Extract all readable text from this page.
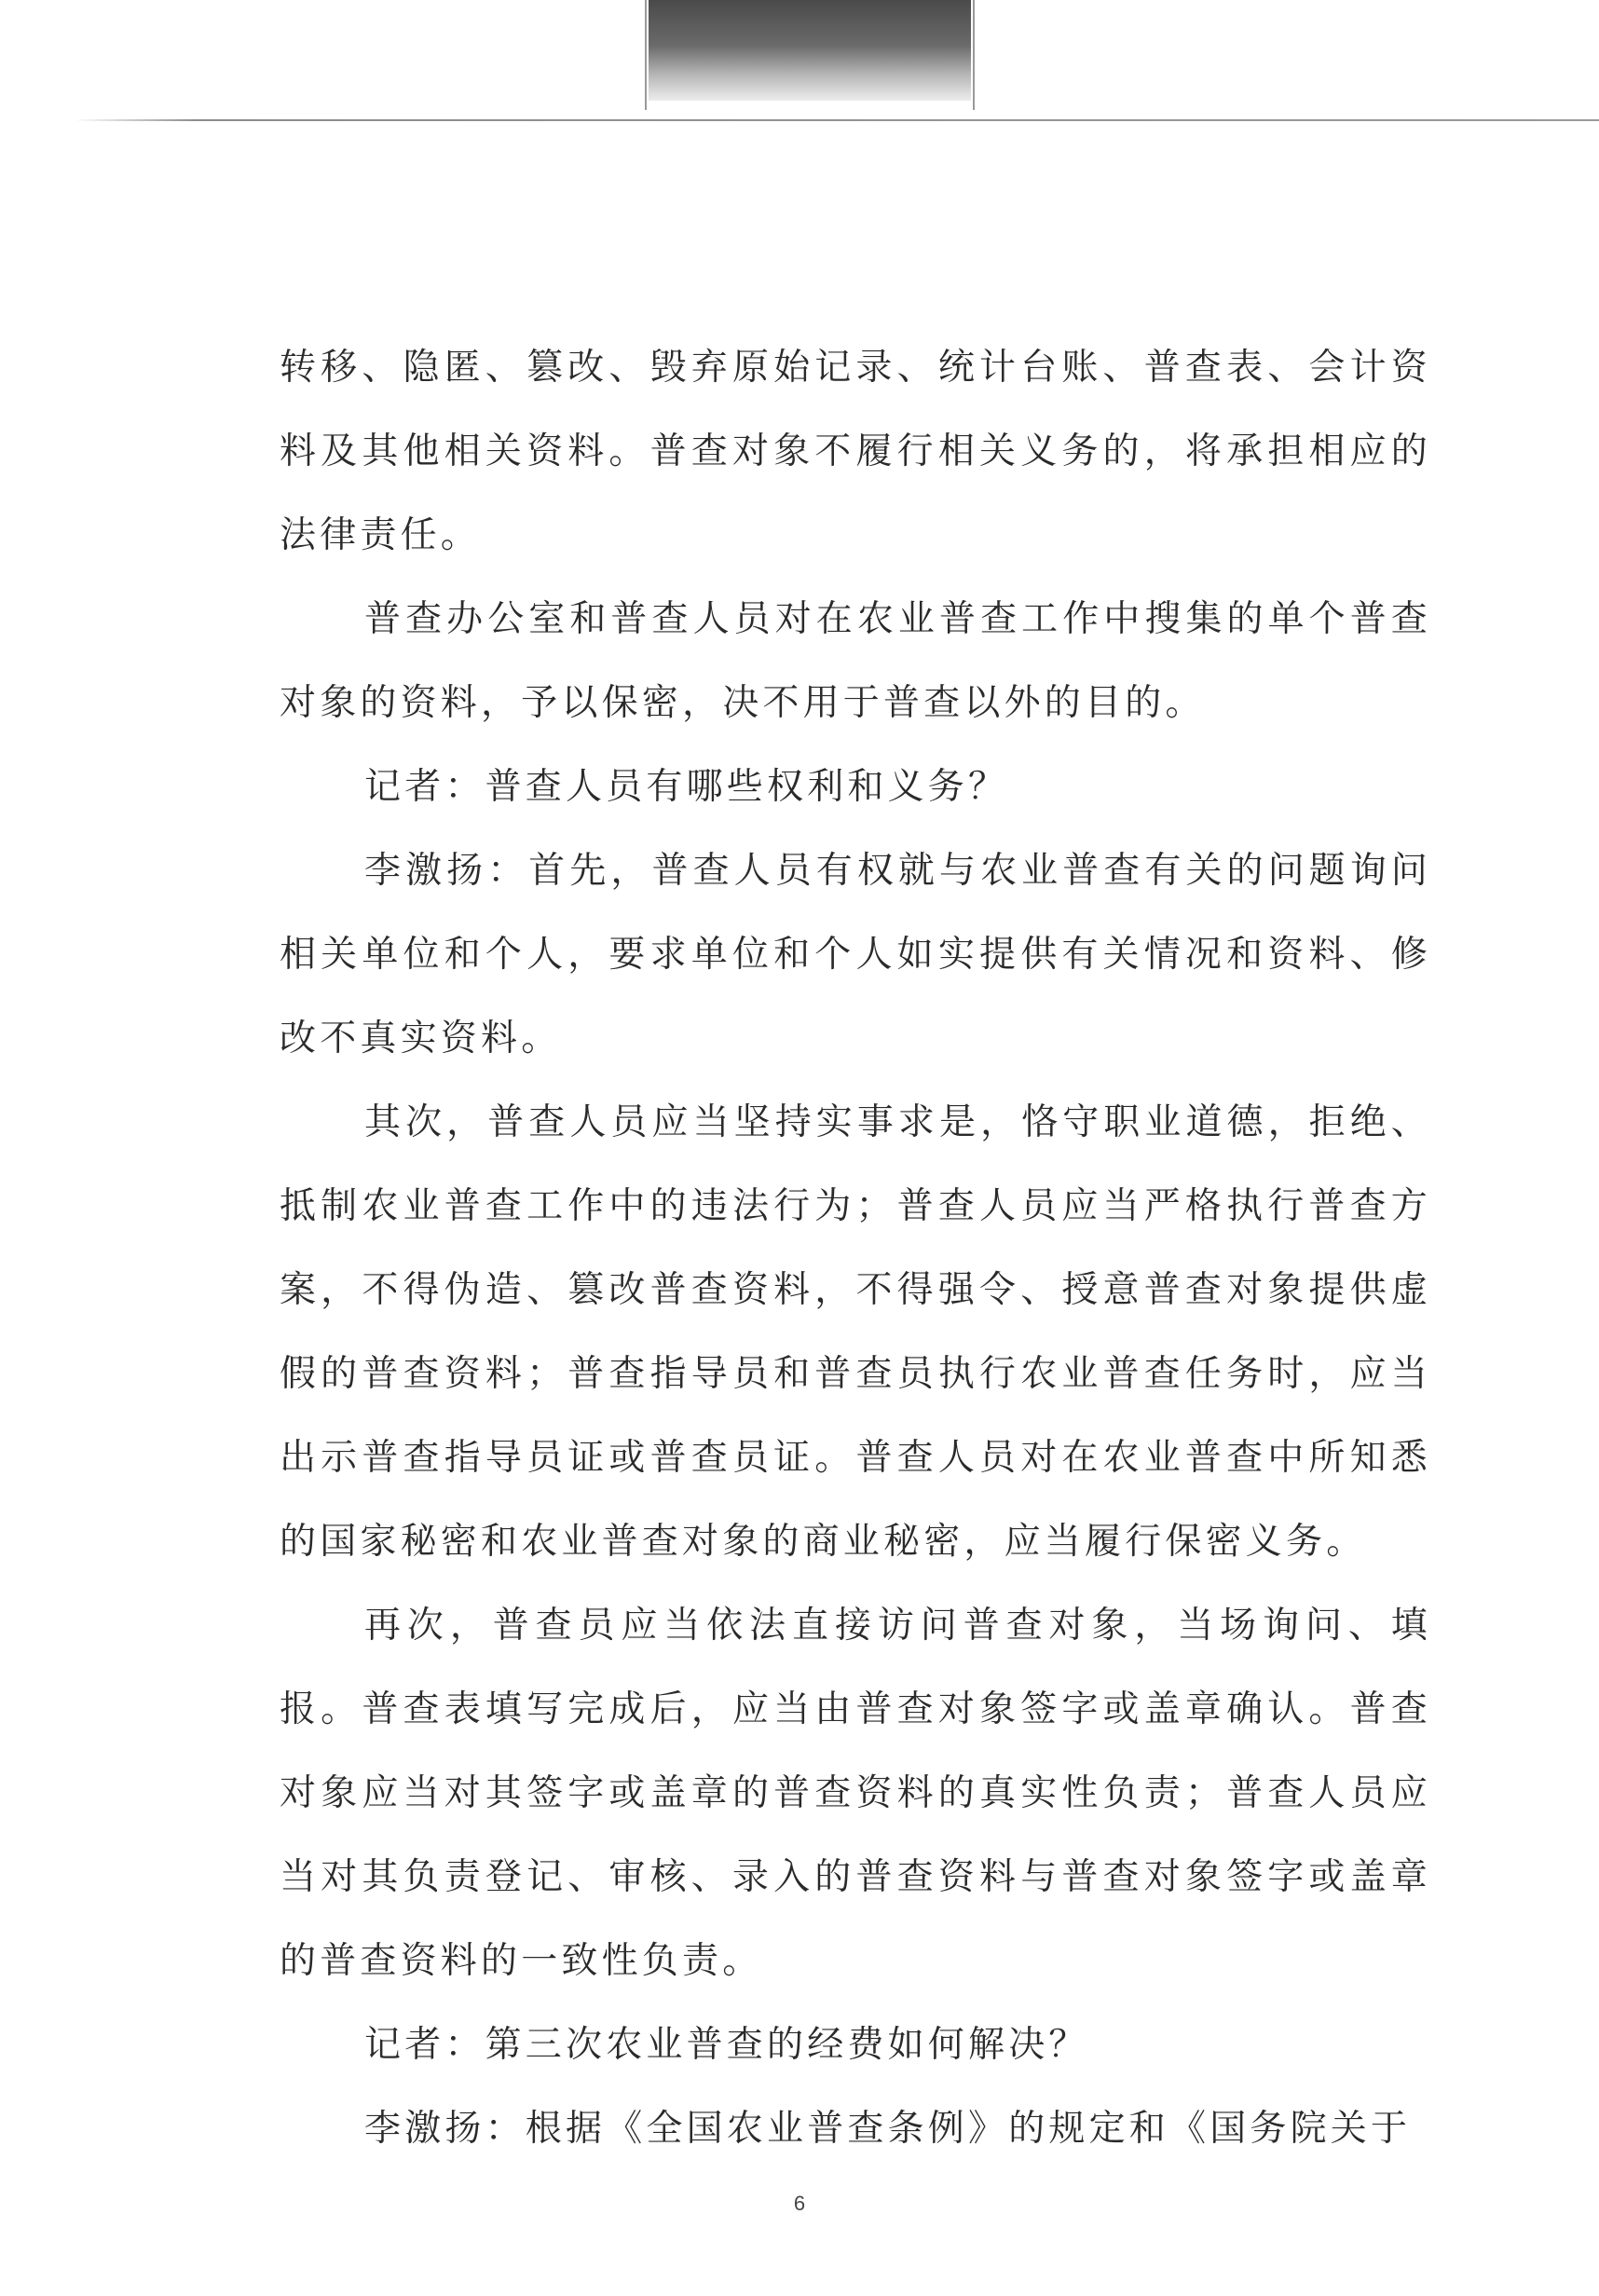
转移、隐匿、篡改、毁弃原始记录、统计台账、普查表、会计资料及其他相关资料。普查对象不履行相关义务的，将承担相应的法律责任。

普查办公室和普查人员对在农业普查工作中搜集的单个普查对象的资料，予以保密，决不用于普查以外的目的。

记者：普查人员有哪些权利和义务？

李激扬：首先，普查人员有权就与农业普查有关的问题询问相关单位和个人，要求单位和个人如实提供有关情况和资料、修改不真实资料。

其次，普查人员应当坚持实事求是，恪守职业道德，拒绝、抵制农业普查工作中的违法行为；普查人员应当严格执行普查方案，不得伪造、篡改普查资料，不得强令、授意普查对象提供虚假的普查资料；普查指导员和普查员执行农业普查任务时，应当出示普查指导员证或普查员证。普查人员对在农业普查中所知悉的国家秘密和农业普查对象的商业秘密，应当履行保密义务。

再次，普查员应当依法直接访问普查对象，当场询问、填报。普查表填写完成后，应当由普查对象签字或盖章确认。普查对象应当对其签字或盖章的普查资料的真实性负责；普查人员应当对其负责登记、审核、录入的普查资料与普查对象签字或盖章的普查资料的一致性负责。

记者：第三次农业普查的经费如何解决？

李激扬：根据《全国农业普查条例》的规定和《国务院关于

6
